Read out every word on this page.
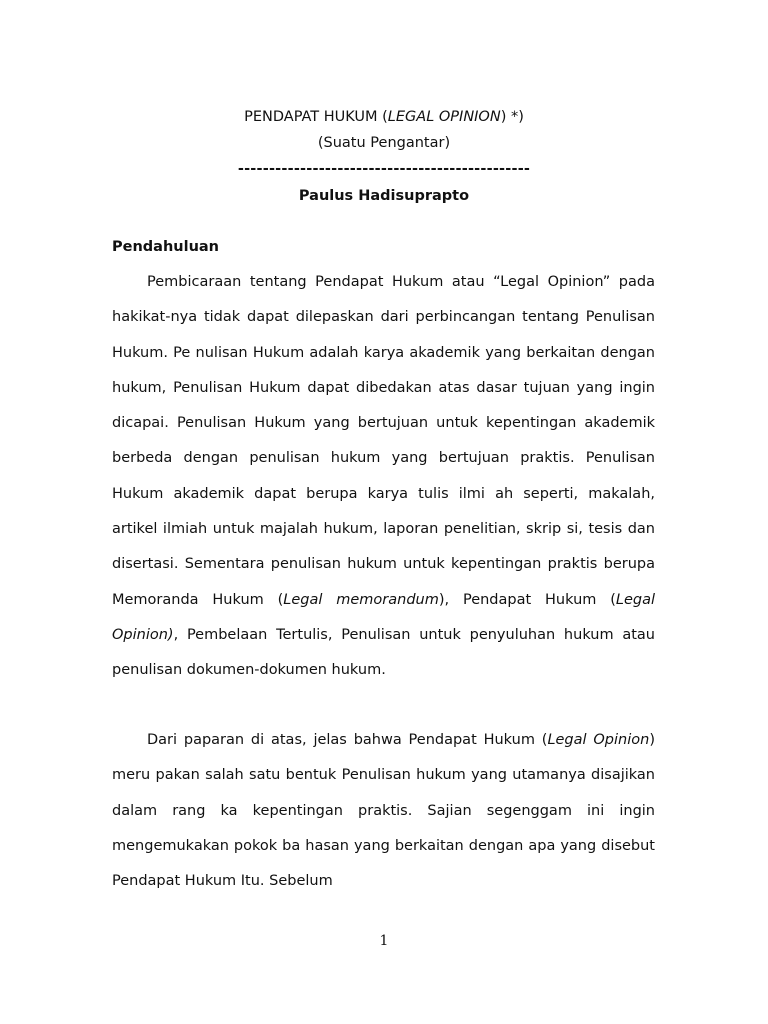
PENDAPAT HUKUM (LEGAL OPINION) *)
(Suatu Pengantar)
-----------------------------------------------
Paulus Hadisuprapto
Pendahuluan

Pembicaraan tentang Pendapat Hukum atau “Legal Opinion” pada hakikat-nya tidak dapat dilepaskan dari perbincangan tentang Penulisan Hukum. Pe nulisan Hukum adalah karya akademik yang berkaitan dengan hukum, Penulisan Hukum dapat dibedakan atas dasar tujuan yang ingin dicapai. Penulisan Hukum yang bertujuan untuk kepentingan akademik berbeda dengan penulisan hukum yang bertujuan praktis. Penulisan Hukum akademik dapat berupa karya tulis ilmi ah seperti, makalah, artikel ilmiah untuk majalah hukum, laporan penelitian, skrip si, tesis dan disertasi. Sementara penulisan hukum untuk kepentingan praktis berupa Memoranda Hukum (Legal memorandum), Pendapat Hukum (Legal Opinion), Pembelaan Tertulis, Penulisan untuk penyuluhan hukum atau penulisan dokumen-dokumen hukum.

Dari paparan di atas, jelas bahwa Pendapat Hukum (Legal Opinion) meru pakan salah satu bentuk Penulisan hukum yang utamanya disajikan dalam rang ka kepentingan praktis. Sajian segenggam ini ingin mengemukakan pokok ba hasan yang berkaitan dengan apa yang disebut Pendapat Hukum Itu. Sebelum

1
